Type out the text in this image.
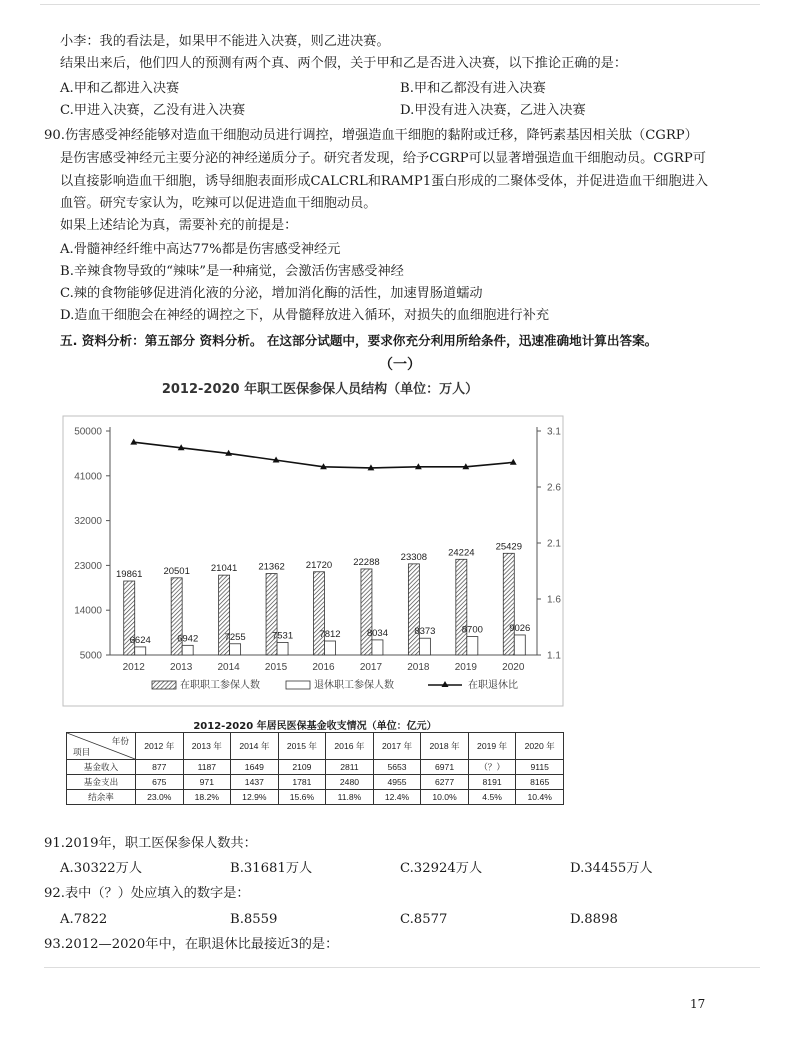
小李：我的看法是，如果甲不能进入决赛，则乙进决赛。
结果出来后，他们四人的预测有两个真、两个假，关于甲和乙是否进入决赛，以下推论正确的是：
A.甲和乙都进入决赛	B.甲和乙都没有进入决赛
C.甲进入决赛，乙没有进入决赛	D.甲没有进入决赛，乙进入决赛
90.伤害感受神经能够对造血干细胞动员进行调控，增强造血干细胞的黏附或迁移，降钙素基因相关肽（CGRP）
是伤害感受神经元主要分泌的神经递质分子。研究者发现，给予CGRP可以显著增强造血干细胞动员。CGRP可
以直接影响造血干细胞，诱导细胞表面形成CALCRL和RAMP1蛋白形成的二聚体受体，并促进造血干细胞进入
血管。研究专家认为，吃辣可以促进造血干细胞动员。
如果上述结论为真，需要补充的前提是：
A.骨髓神经纤维中高达77%都是伤害感受神经元
B.辛辣食物导致的“辣味”是一种痛觉，会激活伤害感受神经
C.辣的食物能够促进消化液的分泌，增加消化酶的活性，加速胃肠道蠕动
D.造血干细胞会在神经的调控之下，从骨髓释放进入循环，对损失的血细胞进行补充
五. 资料分析：第五部分 资料分析。 在这部分试题中，要求你充分利用所给条件，迅速准确地计算出答案。
（一）
2012-2020 年职工医保参保人员结构（单位：万人）
50000
41000
32000
23000
14000
5000
3.1
2.6
2.1
1.6
1.1
19861
6624
2012
20501
6942
2013
21041
7255
2014
21362
7531
2015
21720
7812
2016
22288
8034
2017
23308
8373
2018
24224
8700
2019
25429
9026
2020
在职职工参保人数	退休职工参保人数	在职退休比
2012-2020 年居民医保基金收支情况（单位：亿元）
年份
项目	2012 年	2013 年	2014 年	2015 年	2016 年	2017 年	2018 年	2019 年	2020 年
基金收入	877	1187	1649	2109	2811	5653	6971	（？）	9115
基金支出	675	971	1437	1781	2480	4955	6277	8191	8165
结余率	23.0%	18.2%	12.9%	15.6%	11.8%	12.4%	10.0%	4.5%	10.4%
91.2019年，职工医保参保人数共：
A.30322万人	B.31681万人	C.32924万人	D.34455万人
92.表中（？）处应填入的数字是：
A.7822	B.8559	C.8577	D.8898
93.2012—2020年中，在职退休比最接近3的是：
17
